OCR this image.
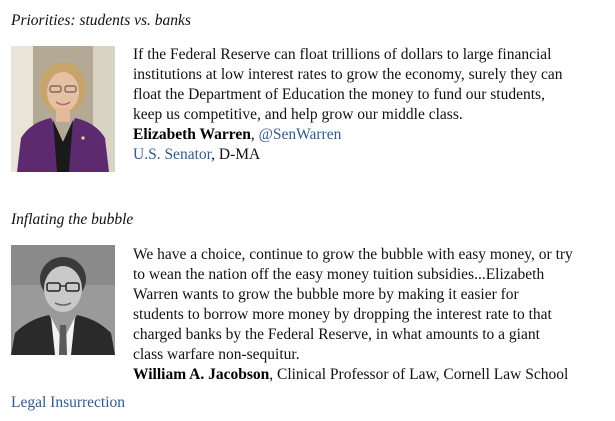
Priorities: students vs. banks

If the Federal Reserve can float trillions of dollars to large financial
institutions at low interest rates to grow the economy, surely they can
float the Department of Education the money to fund our students,
keep us competitive, and help grow our middle class.

Elizabeth Warren, @SenWarren
U.S. Senator, D-MA
Inflating the bubble

We have a choice, continue to grow the bubble with easy money, or try
to wean the nation off the easy money tuition subsidies...Elizabeth
Warren wants to grow the bubble more by making it easier for
students to borrow more money by dropping the interest rate to that
charged banks by the Federal Reserve, in what amounts to a giant
class warfare non-sequitur.

William A. Jacobson, Clinical Professor of Law, Cornell Law School
Legal Insurrection
